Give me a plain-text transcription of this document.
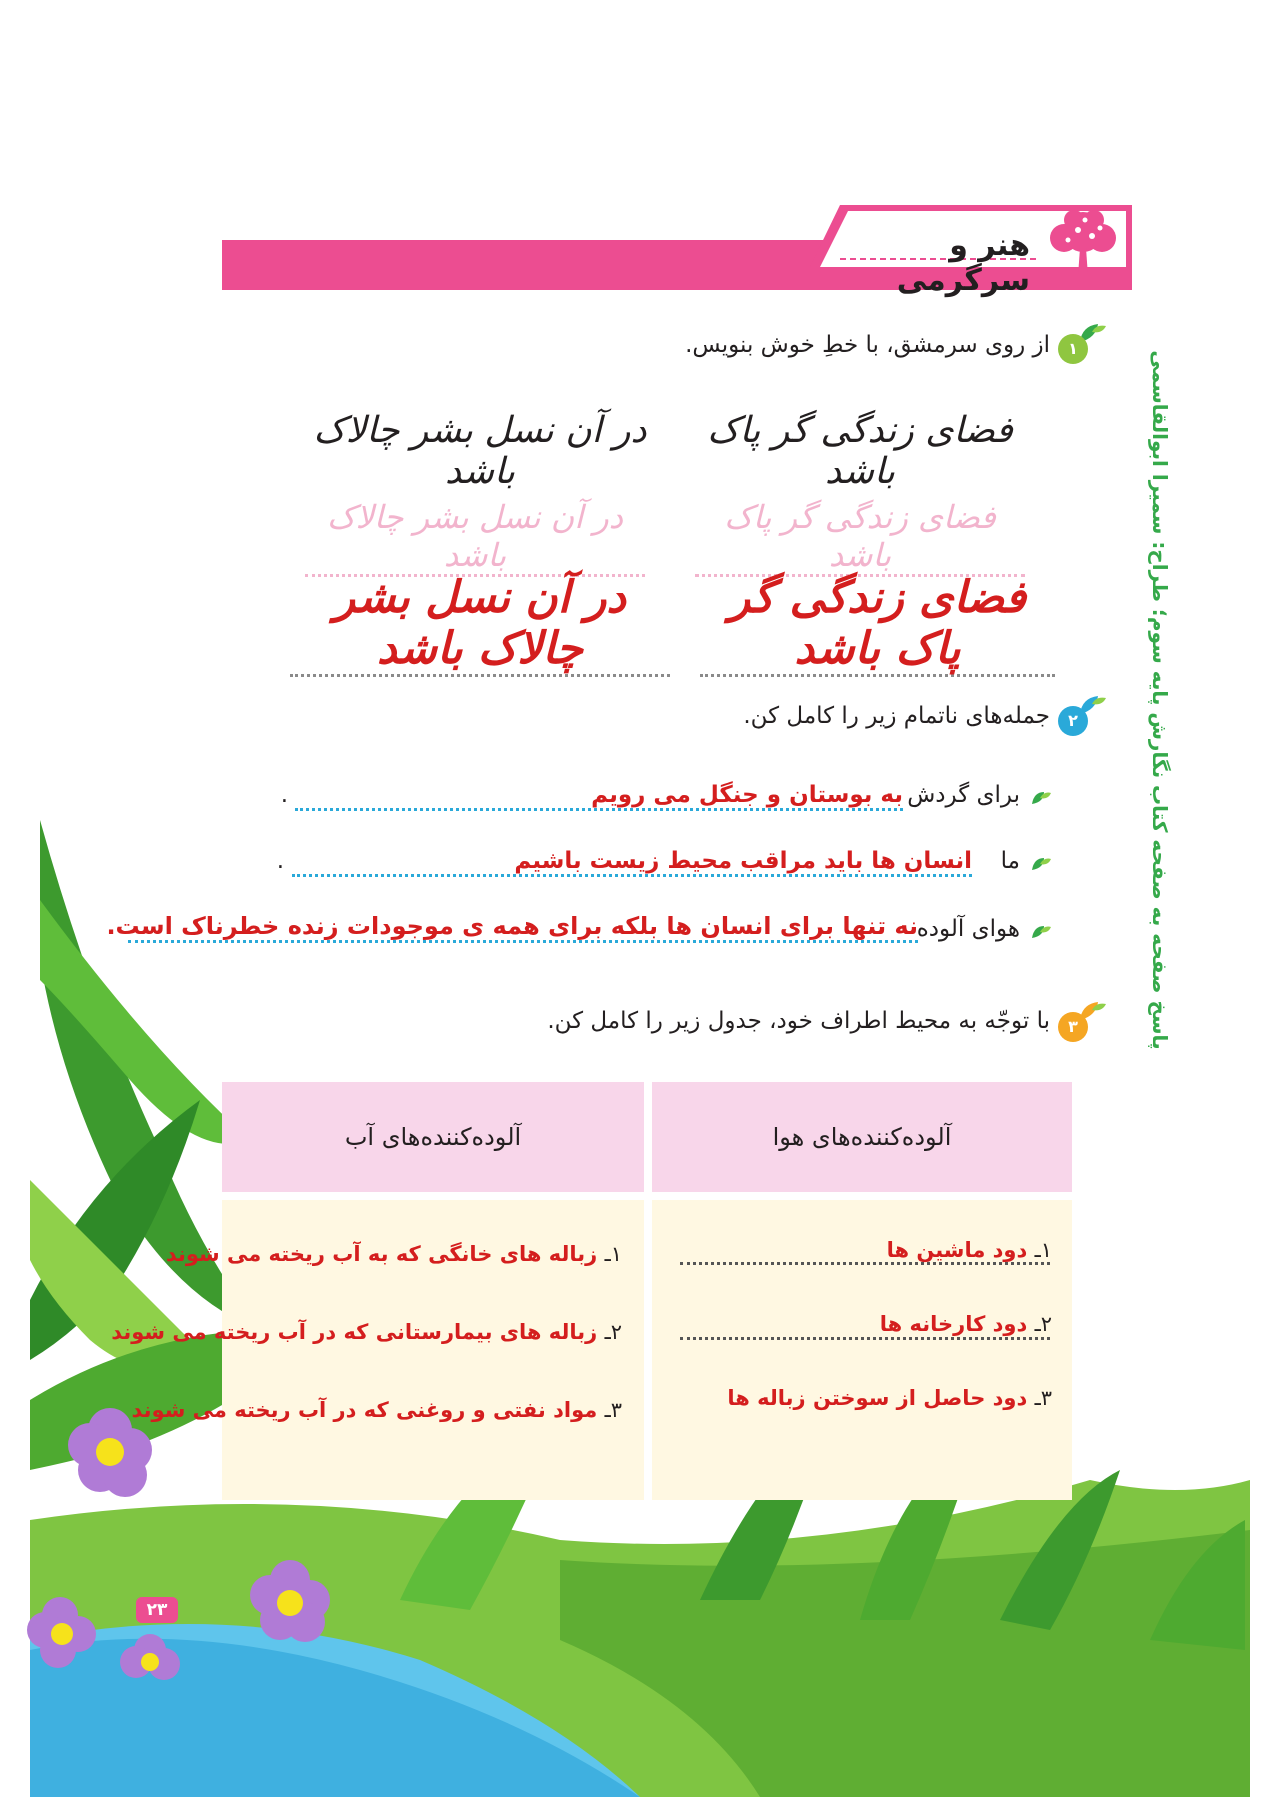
هنر و سرگرمی
پاسخ صفحه به صفحه کتاب نگارش پایه سوم؛ طراح: سمیرا ابوالقاسمی
۱
از روی سرمشق، با خطِ خوش بنویس.
فضای زندگی گر پاک باشد
در آن نسل بشر چالاک باشد
فضای زندگی گر پاک باشد
در آن نسل بشر چالاک باشد
فضای زندگی گر پاک باشد
در آن نسل بشر چالاک باشد
۲
جمله‌های ناتمام زیر را کامل کن.
برای گردش
به بوستان و جنگل می رویم
.
ما
انسان ها باید مراقب محیط زیست باشیم
.
هوای آلوده
نه تنها برای انسان ها بلکه برای همه ی موجودات زنده خطرناک است.
۳
با توجّه به محیط اطراف خود، جدول زیر را کامل کن.
آلوده‌کننده‌های هوا
آلوده‌کننده‌های آب
۱ـ دود ماشین ها
۲ـ دود کارخانه ها
۳ـ دود حاصل از سوختن زباله ها
۱ـ زباله های خانگی که به آب ریخته می شوند
۲ـ زباله های بیمارستانی که در آب ریخته می شوند
۳ـ مواد نفتی و روغنی که در آب ریخته می شوند
۲۳
